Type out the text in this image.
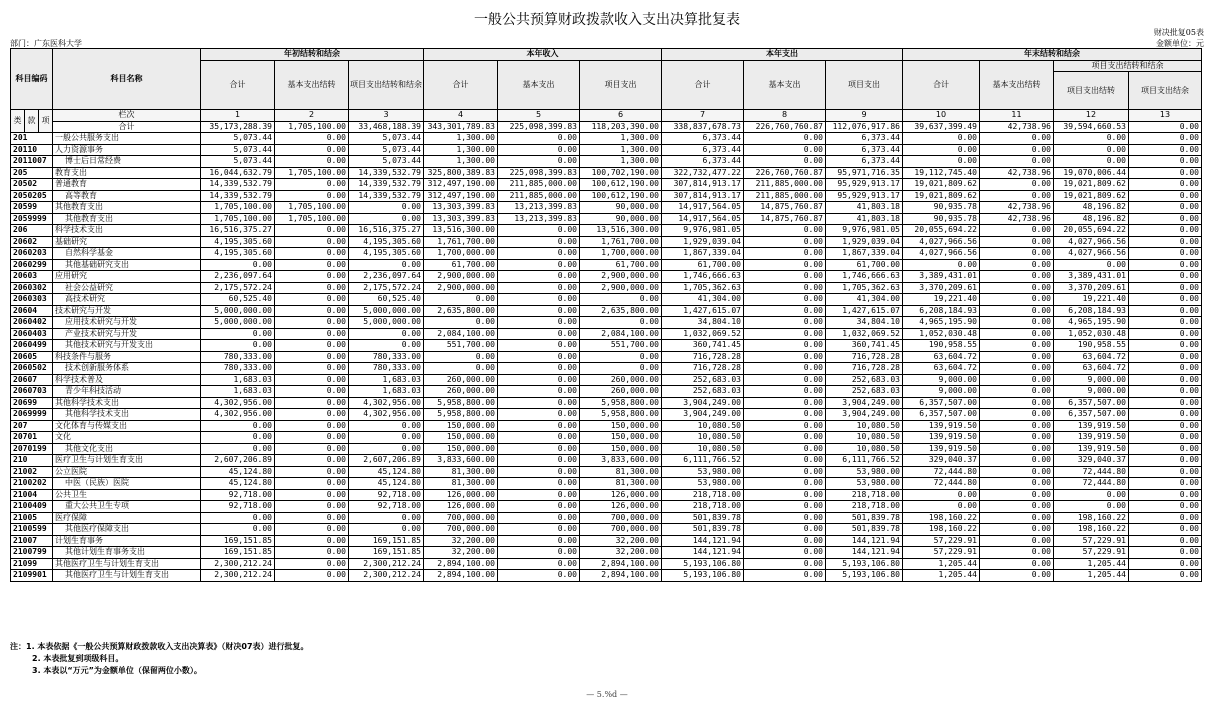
一般公共预算财政拨款收入支出决算批复表
财决批复05表
金额单位：元
部门：广东医科大学
科目编码			科目名称	年初结转和结余			本年收入			本年支出			年末结转和结余			
				合计	基本支出结转	项目支出结转和结余	合计	基本支出	项目支出	合计	基本支出	项目支出	合计	基本支出结转	项目支出结转和结余	
															项目支出结转	项目支出结余
类	款	项	栏次	1	2	3	4	5	6	7	8	9	10	11	12	13
			合计	35,173,288.39	1,705,100.00	33,468,188.39	343,301,789.83	225,098,399.83	118,203,390.00	338,837,678.73	226,760,760.87	112,076,917.86	39,637,399.49	42,738.96	39,594,660.53	0.00
201			一般公共服务支出	5,073.44	0.00	5,073.44	1,300.00	0.00	1,300.00	6,373.44	0.00	6,373.44	0.00	0.00	0.00	0.00
20110			人力资源事务	5,073.44	0.00	5,073.44	1,300.00	0.00	1,300.00	6,373.44	0.00	6,373.44	0.00	0.00	0.00	0.00
2011007			博士后日常经费	5,073.44	0.00	5,073.44	1,300.00	0.00	1,300.00	6,373.44	0.00	6,373.44	0.00	0.00	0.00	0.00
205			教育支出	16,044,632.79	1,705,100.00	14,339,532.79	325,800,389.83	225,098,399.83	100,702,190.00	322,732,477.22	226,760,760.87	95,971,716.35	19,112,745.40	42,738.96	19,070,006.44	0.00
20502			普通教育	14,339,532.79	0.00	14,339,532.79	312,497,190.00	211,885,000.00	100,612,190.00	307,814,913.17	211,885,000.00	95,929,913.17	19,021,809.62	0.00	19,021,809.62	0.00
2050205			高等教育	14,339,532.79	0.00	14,339,532.79	312,497,190.00	211,885,000.00	100,612,190.00	307,814,913.17	211,885,000.00	95,929,913.17	19,021,809.62	0.00	19,021,809.62	0.00
20599			其他教育支出	1,705,100.00	1,705,100.00	0.00	13,303,399.83	13,213,399.83	90,000.00	14,917,564.05	14,875,760.87	41,803.18	90,935.78	42,738.96	48,196.82	0.00
2059999			其他教育支出	1,705,100.00	1,705,100.00	0.00	13,303,399.83	13,213,399.83	90,000.00	14,917,564.05	14,875,760.87	41,803.18	90,935.78	42,738.96	48,196.82	0.00
206			科学技术支出	16,516,375.27	0.00	16,516,375.27	13,516,300.00	0.00	13,516,300.00	9,976,981.05	0.00	9,976,981.05	20,055,694.22	0.00	20,055,694.22	0.00
20602			基础研究	4,195,305.60	0.00	4,195,305.60	1,761,700.00	0.00	1,761,700.00	1,929,039.04	0.00	1,929,039.04	4,027,966.56	0.00	4,027,966.56	0.00
2060203			自然科学基金	4,195,305.60	0.00	4,195,305.60	1,700,000.00	0.00	1,700,000.00	1,867,339.04	0.00	1,867,339.04	4,027,966.56	0.00	4,027,966.56	0.00
2060299			其他基础研究支出	0.00	0.00	0.00	61,700.00	0.00	61,700.00	61,700.00	0.00	61,700.00	0.00	0.00	0.00	0.00
20603			应用研究	2,236,097.64	0.00	2,236,097.64	2,900,000.00	0.00	2,900,000.00	1,746,666.63	0.00	1,746,666.63	3,389,431.01	0.00	3,389,431.01	0.00
2060302			社会公益研究	2,175,572.24	0.00	2,175,572.24	2,900,000.00	0.00	2,900,000.00	1,705,362.63	0.00	1,705,362.63	3,370,209.61	0.00	3,370,209.61	0.00
2060303			高技术研究	60,525.40	0.00	60,525.40	0.00	0.00	0.00	41,304.00	0.00	41,304.00	19,221.40	0.00	19,221.40	0.00
20604			技术研究与开发	5,000,000.00	0.00	5,000,000.00	2,635,800.00	0.00	2,635,800.00	1,427,615.07	0.00	1,427,615.07	6,208,184.93	0.00	6,208,184.93	0.00
2060402			应用技术研究与开发	5,000,000.00	0.00	5,000,000.00	0.00	0.00	0.00	34,804.10	0.00	34,804.10	4,965,195.90	0.00	4,965,195.90	0.00
2060403			产业技术研究与开发	0.00	0.00	0.00	2,084,100.00	0.00	2,084,100.00	1,032,069.52	0.00	1,032,069.52	1,052,030.48	0.00	1,052,030.48	0.00
2060499			其他技术研究与开发支出	0.00	0.00	0.00	551,700.00	0.00	551,700.00	360,741.45	0.00	360,741.45	190,958.55	0.00	190,958.55	0.00
20605			科技条件与服务	780,333.00	0.00	780,333.00	0.00	0.00	0.00	716,728.28	0.00	716,728.28	63,604.72	0.00	63,604.72	0.00
2060502			技术创新服务体系	780,333.00	0.00	780,333.00	0.00	0.00	0.00	716,728.28	0.00	716,728.28	63,604.72	0.00	63,604.72	0.00
20607			科学技术普及	1,683.03	0.00	1,683.03	260,000.00	0.00	260,000.00	252,683.03	0.00	252,683.03	9,000.00	0.00	9,000.00	0.00
2060703			青少年科技活动	1,683.03	0.00	1,683.03	260,000.00	0.00	260,000.00	252,683.03	0.00	252,683.03	9,000.00	0.00	9,000.00	0.00
20699			其他科学技术支出	4,302,956.00	0.00	4,302,956.00	5,958,800.00	0.00	5,958,800.00	3,904,249.00	0.00	3,904,249.00	6,357,507.00	0.00	6,357,507.00	0.00
2069999			其他科学技术支出	4,302,956.00	0.00	4,302,956.00	5,958,800.00	0.00	5,958,800.00	3,904,249.00	0.00	3,904,249.00	6,357,507.00	0.00	6,357,507.00	0.00
207			文化体育与传媒支出	0.00	0.00	0.00	150,000.00	0.00	150,000.00	10,080.50	0.00	10,080.50	139,919.50	0.00	139,919.50	0.00
20701			文化	0.00	0.00	0.00	150,000.00	0.00	150,000.00	10,080.50	0.00	10,080.50	139,919.50	0.00	139,919.50	0.00
2070199			其他文化支出	0.00	0.00	0.00	150,000.00	0.00	150,000.00	10,080.50	0.00	10,080.50	139,919.50	0.00	139,919.50	0.00
210			医疗卫生与计划生育支出	2,607,206.89	0.00	2,607,206.89	3,833,600.00	0.00	3,833,600.00	6,111,766.52	0.00	6,111,766.52	329,040.37	0.00	329,040.37	0.00
21002			公立医院	45,124.80	0.00	45,124.80	81,300.00	0.00	81,300.00	53,980.00	0.00	53,980.00	72,444.80	0.00	72,444.80	0.00
2100202			中医（民族）医院	45,124.80	0.00	45,124.80	81,300.00	0.00	81,300.00	53,980.00	0.00	53,980.00	72,444.80	0.00	72,444.80	0.00
21004			公共卫生	92,718.00	0.00	92,718.00	126,000.00	0.00	126,000.00	218,718.00	0.00	218,718.00	0.00	0.00	0.00	0.00
2100409			重大公共卫生专项	92,718.00	0.00	92,718.00	126,000.00	0.00	126,000.00	218,718.00	0.00	218,718.00	0.00	0.00	0.00	0.00
21005			医疗保障	0.00	0.00	0.00	700,000.00	0.00	700,000.00	501,839.78	0.00	501,839.78	198,160.22	0.00	198,160.22	0.00
2100599			其他医疗保障支出	0.00	0.00	0.00	700,000.00	0.00	700,000.00	501,839.78	0.00	501,839.78	198,160.22	0.00	198,160.22	0.00
21007			计划生育事务	169,151.85	0.00	169,151.85	32,200.00	0.00	32,200.00	144,121.94	0.00	144,121.94	57,229.91	0.00	57,229.91	0.00
2100799			其他计划生育事务支出	169,151.85	0.00	169,151.85	32,200.00	0.00	32,200.00	144,121.94	0.00	144,121.94	57,229.91	0.00	57,229.91	0.00
21099			其他医疗卫生与计划生育支出	2,300,212.24	0.00	2,300,212.24	2,894,100.00	0.00	2,894,100.00	5,193,106.80	0.00	5,193,106.80	1,205.44	0.00	1,205.44	0.00
2109901			其他医疗卫生与计划生育支出	2,300,212.24	0.00	2,300,212.24	2,894,100.00	0.00	2,894,100.00	5,193,106.80	0.00	5,193,106.80	1,205.44	0.00	1,205.44	0.00
注：1. 本表依据《一般公共预算财政拨款收入支出决算表》（财决07表）进行批复。
2. 本表批复到项级科目。
3. 本表以“万元”为金额单位（保留两位小数）。
— 5.%d —
